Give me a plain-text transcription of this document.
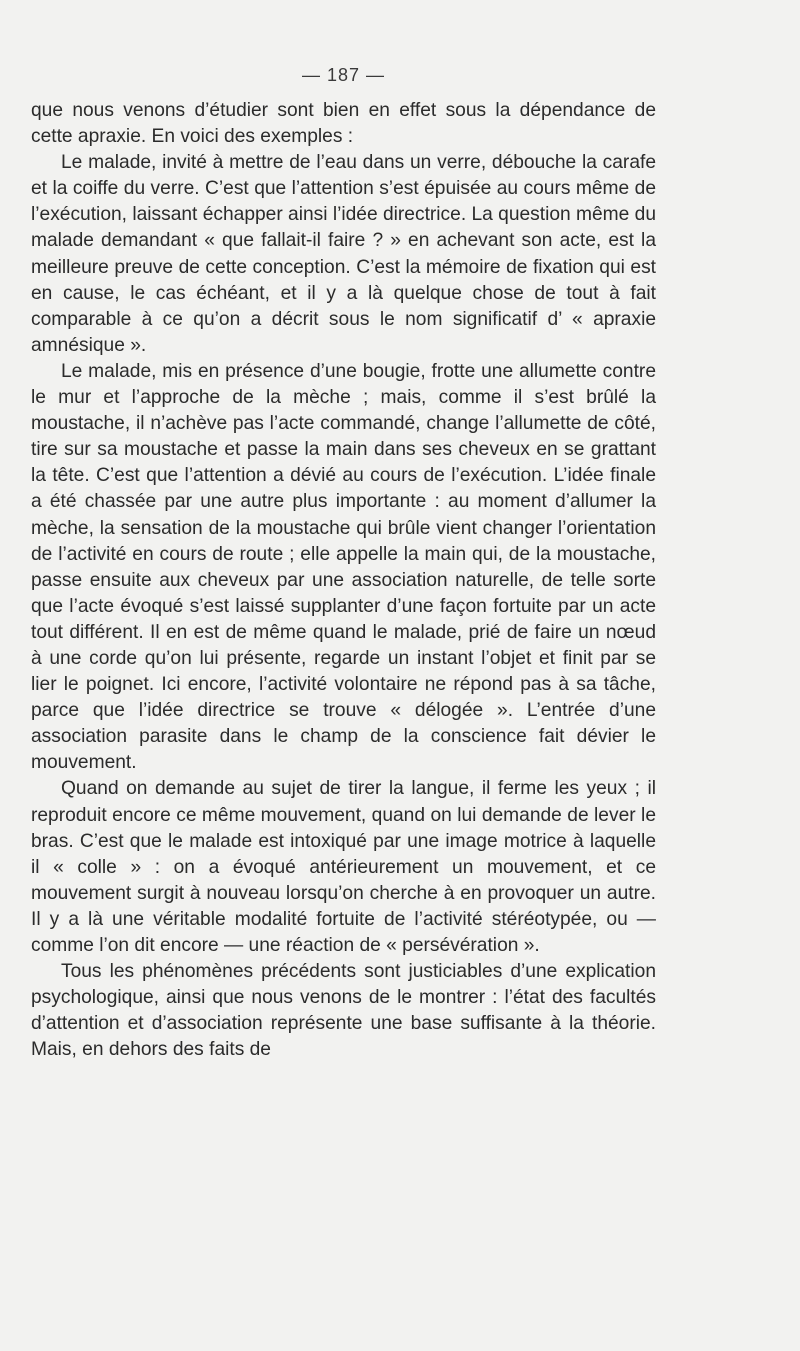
— 187 —

que nous venons d’étudier sont bien en effet sous la dépendance de cette apraxie. En voici des exemples :

Le malade, invité à mettre de l’eau dans un verre, débouche la carafe et la coiffe du verre. C’est que l’attention s’est épuisée au cours même de l’exécution, laissant échapper ainsi l’idée directrice. La question même du malade demandant « que fallait-il faire ? » en achevant son acte, est la meilleure preuve de cette conception. C’est la mémoire de fixation qui est en cause, le cas échéant, et il y a là quelque chose de tout à fait comparable à ce qu’on a décrit sous le nom significatif d’ « apraxie amnésique ».

Le malade, mis en présence d’une bougie, frotte une allumette contre le mur et l’approche de la mèche ; mais, comme il s’est brûlé la moustache, il n’achève pas l’acte commandé, change l’allumette de côté, tire sur sa moustache et passe la main dans ses cheveux en se grattant la tête. C’est que l’attention a dévié au cours de l’exécution. L’idée finale a été chassée par une autre plus importante : au moment d’allumer la mèche, la sensation de la moustache qui brûle vient changer l’orientation de l’activité en cours de route ; elle appelle la main qui, de la moustache, passe ensuite aux cheveux par une association naturelle, de telle sorte que l’acte évoqué s’est laissé supplanter d’une façon fortuite par un acte tout différent. Il en est de même quand le malade, prié de faire un nœud à une corde qu’on lui présente, regarde un instant l’objet et finit par se lier le poignet. Ici encore, l’activité volontaire ne répond pas à sa tâche, parce que l’idée directrice se trouve « délogée ». L’entrée d’une association parasite dans le champ de la conscience fait dévier le mouvement.

Quand on demande au sujet de tirer la langue, il ferme les yeux ; il reproduit encore ce même mouvement, quand on lui demande de lever le bras. C’est que le malade est intoxiqué par une image motrice à laquelle il « colle » : on a évoqué antérieurement un mouvement, et ce mouvement surgit à nouveau lorsqu’on cherche à en provoquer un autre. Il y a là une véritable modalité fortuite de l’activité stéréotypée, ou — comme l’on dit encore — une réaction de « persévération ».

Tous les phénomènes précédents sont justiciables d’une explication psychologique, ainsi que nous venons de le montrer : l’état des facultés d’attention et d’association représente une base suffisante à la théorie. Mais, en dehors des faits de
